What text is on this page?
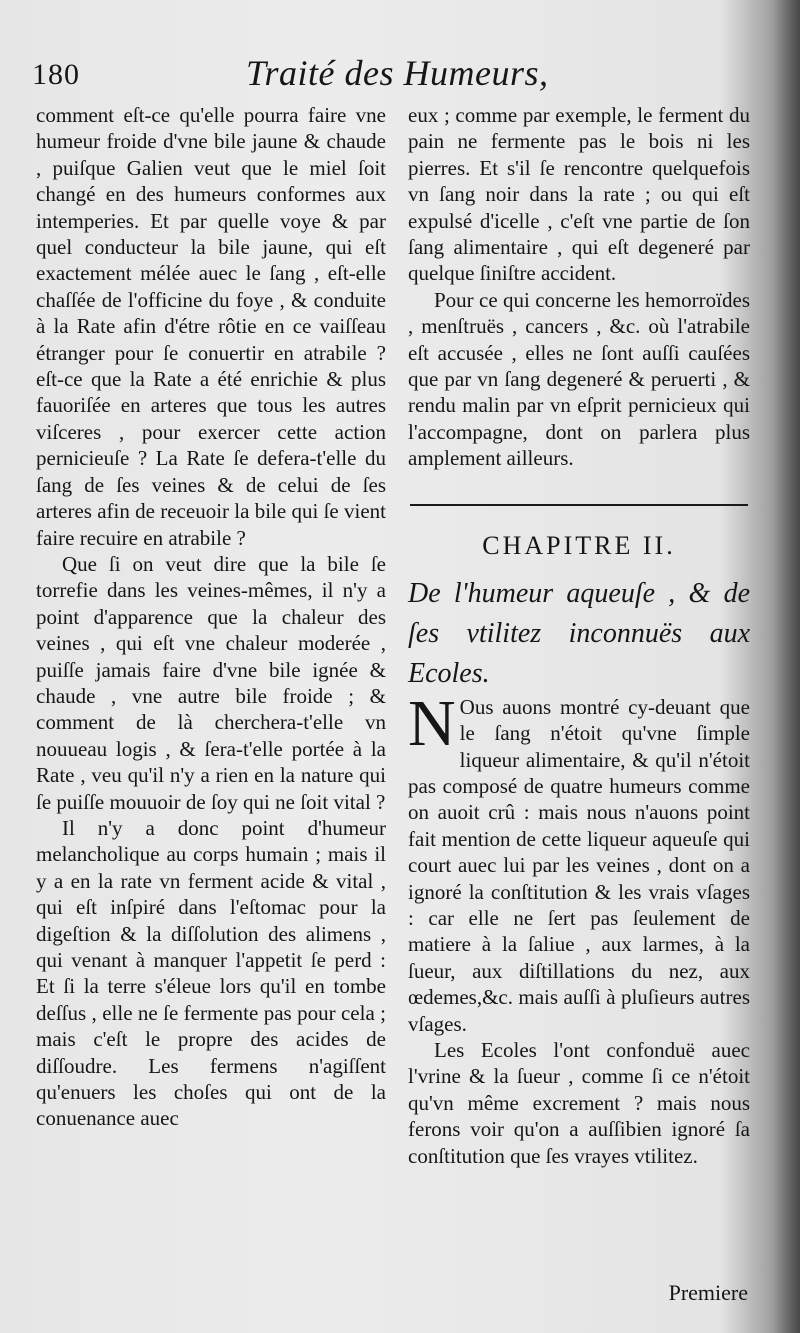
180	Traité des Humeurs,

comment eſt-ce qu'elle pourra faire vne humeur froide d'vne bile jaune & chaude , puiſque Galien veut que le miel ſoit changé en des humeurs conformes aux intemperies. Et par quelle voye & par quel conducteur la bile jaune, qui eſt exactement mélée auec le ſang , eſt-elle chaſſée de l'officine du foye , & conduite à la Rate afin d'étre rôtie en ce vaiſſeau étranger pour ſe conuertir en atrabile ? eſt-ce que la Rate a été enrichie & plus fauoriſée en arteres que tous les autres viſceres , pour exercer cette action pernicieuſe ? La Rate ſe defera-t'elle du ſang de ſes veines & de celui de ſes arteres afin de receuoir la bile qui ſe vient faire recuire en atrabile ?

Que ſi on veut dire que la bile ſe torrefie dans les veines-mêmes, il n'y a point d'apparence que la chaleur des veines , qui eſt vne chaleur moderée , puiſſe jamais faire d'vne bile ignée & chaude , vne autre bile froide ; & comment de là cherchera-t'elle vn nouueau logis , & ſera-t'elle portée à la Rate , veu qu'il n'y a rien en la nature qui ſe puiſſe mouuoir de ſoy qui ne ſoit vital ?

Il n'y a donc point d'humeur melancholique au corps humain ; mais il y a en la rate vn ferment acide & vital , qui eſt inſpiré dans l'eſtomac pour la digeſtion & la diſſolution des alimens , qui venant à manquer l'appetit ſe perd : Et ſi la terre s'éleue lors qu'il en tombe deſſus , elle ne ſe fermente pas pour cela ; mais c'eſt le propre des acides de diſſoudre. Les fermens n'agiſſent qu'enuers les choſes qui ont de la conuenance auec

eux ; comme par exemple, le ferment du pain ne fermente pas le bois ni les pierres. Et s'il ſe rencontre quelquefois vn ſang noir dans la rate ; ou qui eſt expulsé d'icelle , c'eſt vne partie de ſon ſang alimentaire , qui eſt degeneré par quelque ſiniſtre accident.

Pour ce qui concerne les hemorroïdes , menſtruës , cancers , &c. où l'atrabile eſt accusée , elles ne ſont auſſi cauſées que par vn ſang degeneré & peruerti , & rendu malin par vn eſprit pernicieux qui l'accompagne, dont on parlera plus amplement ailleurs.

CHAPITRE II.

De l'humeur aqueuſe , & de ſes vtilitez inconnuës aux Ecoles.

N Ous auons montré cy-deuant que le ſang n'étoit qu'vne ſimple liqueur alimentaire, & qu'il n'étoit pas composé de quatre humeurs comme on auoit crû : mais nous n'auons point fait mention de cette liqueur aqueuſe qui court auec lui par les veines , dont on a ignoré la conſtitution & les vrais vſages : car elle ne ſert pas ſeulement de matiere à la ſaliue , aux larmes, à la ſueur, aux diſtillations du nez, aux œdemes,&c. mais auſſi à pluſieurs autres vſages.

Les Ecoles l'ont confonduë auec l'vrine & la ſueur , comme ſi ce n'étoit qu'vn même excrement ? mais nous ferons voir qu'on a auſſibien ignoré ſa conſtitution que ſes vrayes vtilitez.

Premiere
